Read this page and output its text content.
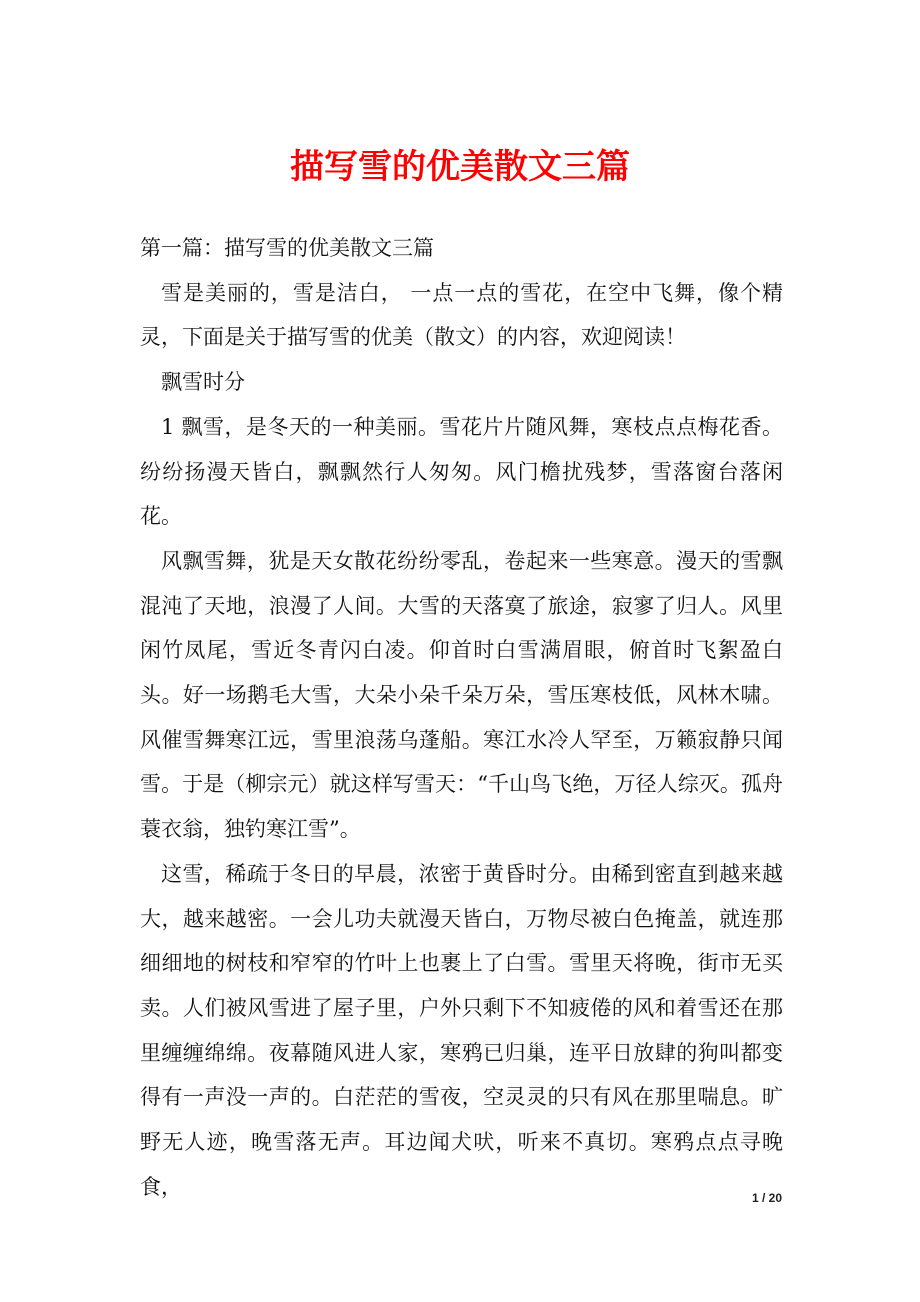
描写雪的优美散文三篇

第一篇：描写雪的优美散文三篇

雪是美丽的，雪是洁白， 一点一点的雪花，在空中飞舞，像个精灵，下面是关于描写雪的优美（散文）的内容，欢迎阅读！

飘雪时分

1 飘雪，是冬天的一种美丽。雪花片片随风舞，寒枝点点梅花香。纷纷扬漫天皆白，飘飘然行人匆匆。风门檐扰残梦，雪落窗台落闲花。

风飘雪舞，犹是天女散花纷纷零乱，卷起来一些寒意。漫天的雪飘混沌了天地，浪漫了人间。大雪的天落寞了旅途，寂寥了归人。风里闲竹凤尾，雪近冬青闪白凌。仰首时白雪满眉眼，俯首时飞絮盈白头。好一场鹅毛大雪，大朵小朵千朵万朵，雪压寒枝低，风林木啸。风催雪舞寒江远，雪里浪荡乌蓬船。寒江水冷人罕至，万籁寂静只闻雪。于是（柳宗元）就这样写雪天：“千山鸟飞绝，万径人综灭。孤舟蓑衣翁，独钓寒江雪”。

这雪，稀疏于冬日的早晨，浓密于黄昏时分。由稀到密直到越来越大，越来越密。一会儿功夫就漫天皆白，万物尽被白色掩盖，就连那细细地的树枝和窄窄的竹叶上也裹上了白雪。雪里天将晚，街市无买卖。人们被风雪进了屋子里，户外只剩下不知疲倦的风和着雪还在那里缠缠绵绵。夜幕随风进人家，寒鸦已归巢，连平日放肆的狗叫都变得有一声没一声的。白茫茫的雪夜，空灵灵的只有风在那里喘息。旷野无人迹，晚雪落无声。耳边闻犬吠，听来不真切。寒鸦点点寻晚食，	1 / 20
